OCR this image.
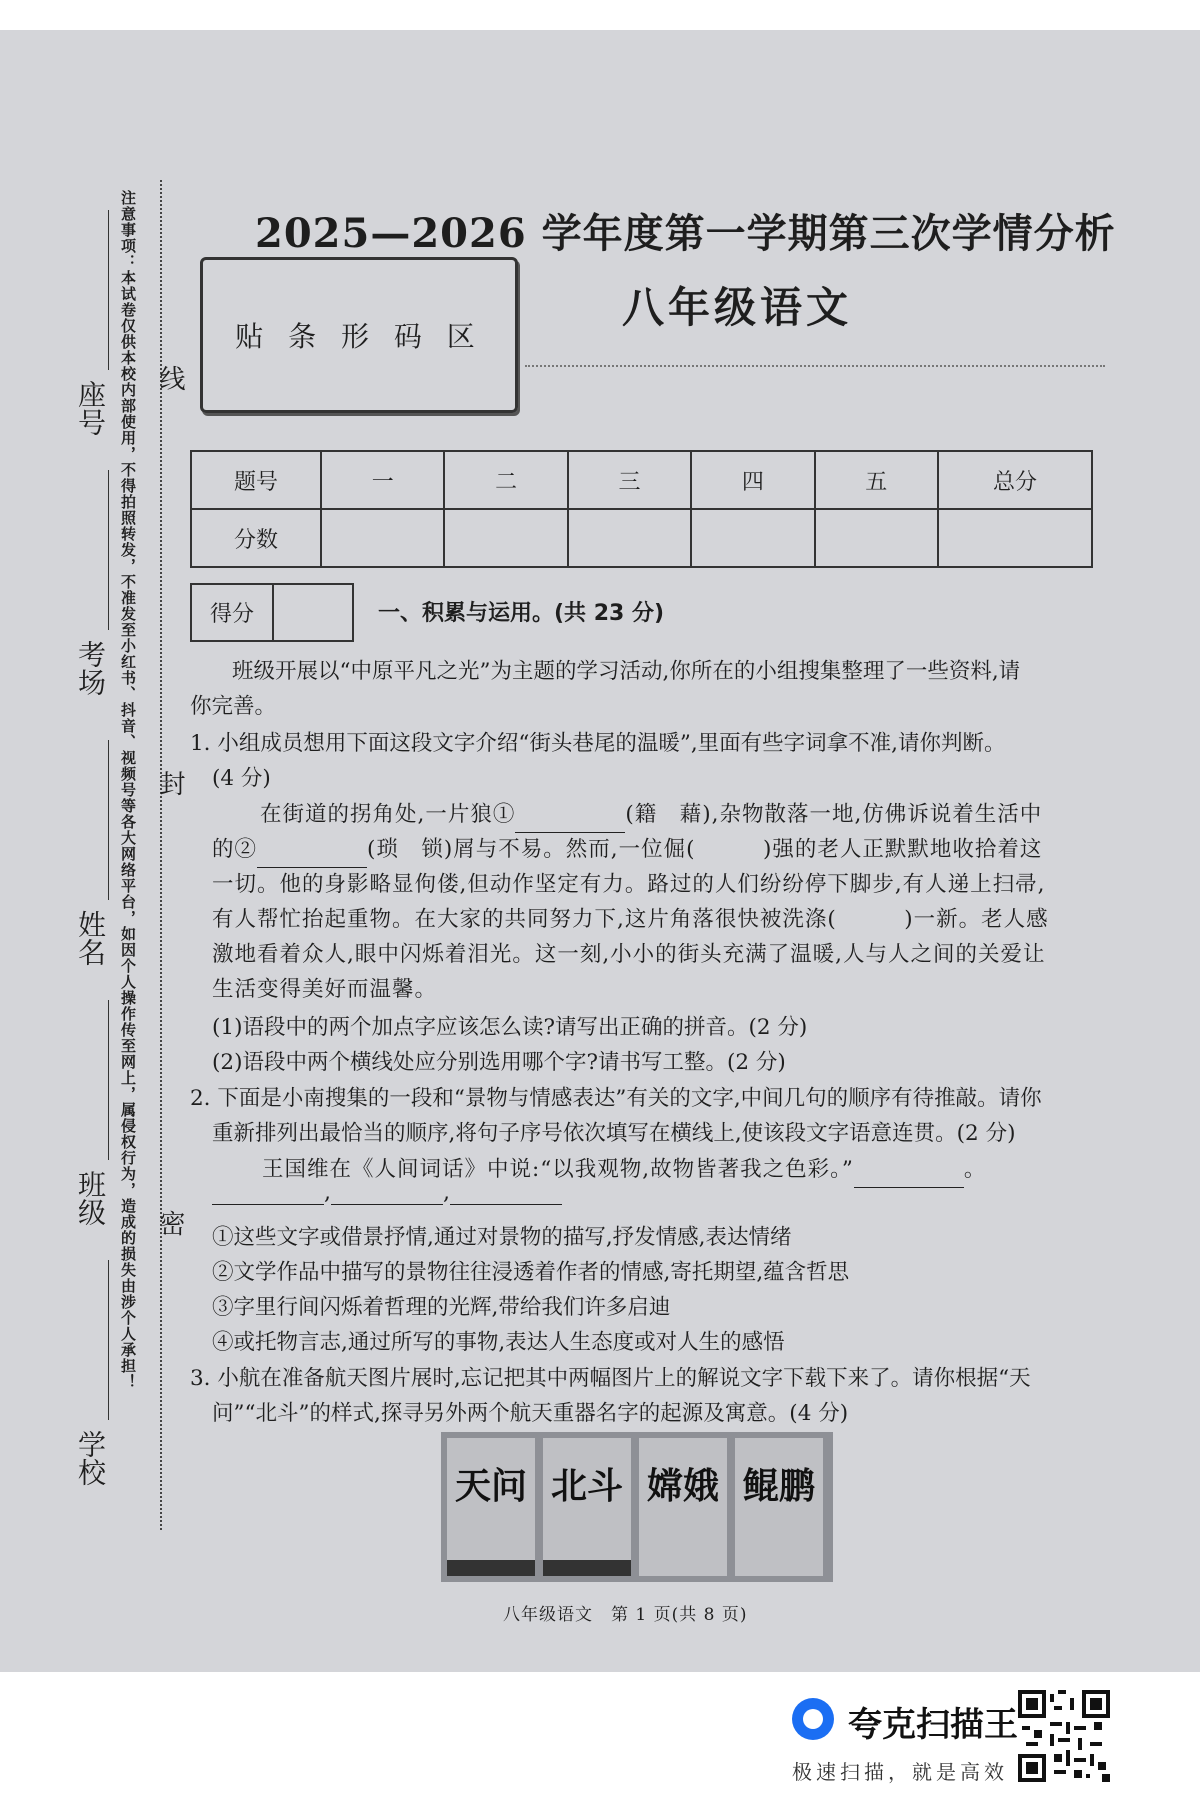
注意事项：本试卷仅供本校内部使用，不得拍照转发，不准发至小红书、抖音、视频号等各大网络平台，如因个人操作传至网上，属侵权行为，造成的损失由涉个人承担！
座号
考场
姓名
班级
学校
线
封
密
2025—2026 学年度第一学期第三次学情分析
贴 条 形 码 区
八年级语文
题号	一	二	三	四	五	总分
分数						
得分	一、积累与运用。(共 23 分)
班级开展以“中原平凡之光”为主题的学习活动,你所在的小组搜集整理了一些资料,请
你完善。
1. 小组成员想用下面这段文字介绍“街头巷尾的温暖”,里面有些字词拿不准,请你判断。
(4 分)
在街道的拐角处,一片狼①	(籍　藉),杂物散落一地,仿佛诉说着生活中
的②	(琐　锁)屑与不易。然而,一位倔(　　　)强的老人正默默地收拾着这
一切。他的身影略显佝偻,但动作坚定有力。路过的人们纷纷停下脚步,有人递上扫帚,
有人帮忙抬起重物。在大家的共同努力下,这片角落很快被洗涤(　　　)一新。老人感
激地看着众人,眼中闪烁着泪光。这一刻,小小的街头充满了温暖,人与人之间的关爱让
生活变得美好而温馨。
(1)语段中的两个加点字应该怎么读?请写出正确的拼音。(2 分)
(2)语段中两个横线处应分别选用哪个字?请书写工整。(2 分)
2. 下面是小南搜集的一段和“景物与情感表达”有关的文字,中间几句的顺序有待推敲。请你
重新排列出最恰当的顺序,将句子序号依次填写在横线上,使该段文字语意连贯。(2 分)
王国维在《人间词话》中说:“以我观物,故物皆著我之色彩。”	。
,	,
①这些文字或借景抒情,通过对景物的描写,抒发情感,表达情绪
②文学作品中描写的景物往往浸透着作者的情感,寄托期望,蕴含哲思
③字里行间闪烁着哲理的光辉,带给我们许多启迪
④或托物言志,通过所写的事物,表达人生态度或对人生的感悟
3. 小航在准备航天图片展时,忘记把其中两幅图片上的解说文字下载下来了。请你根据“天
问”“北斗”的样式,探寻另外两个航天重器名字的起源及寓意。(4 分)
天问 北斗 嫦娥 鲲鹏
八年级语文　第 1 页(共 8 页)
夸克扫描王
极速扫描，就是高效
